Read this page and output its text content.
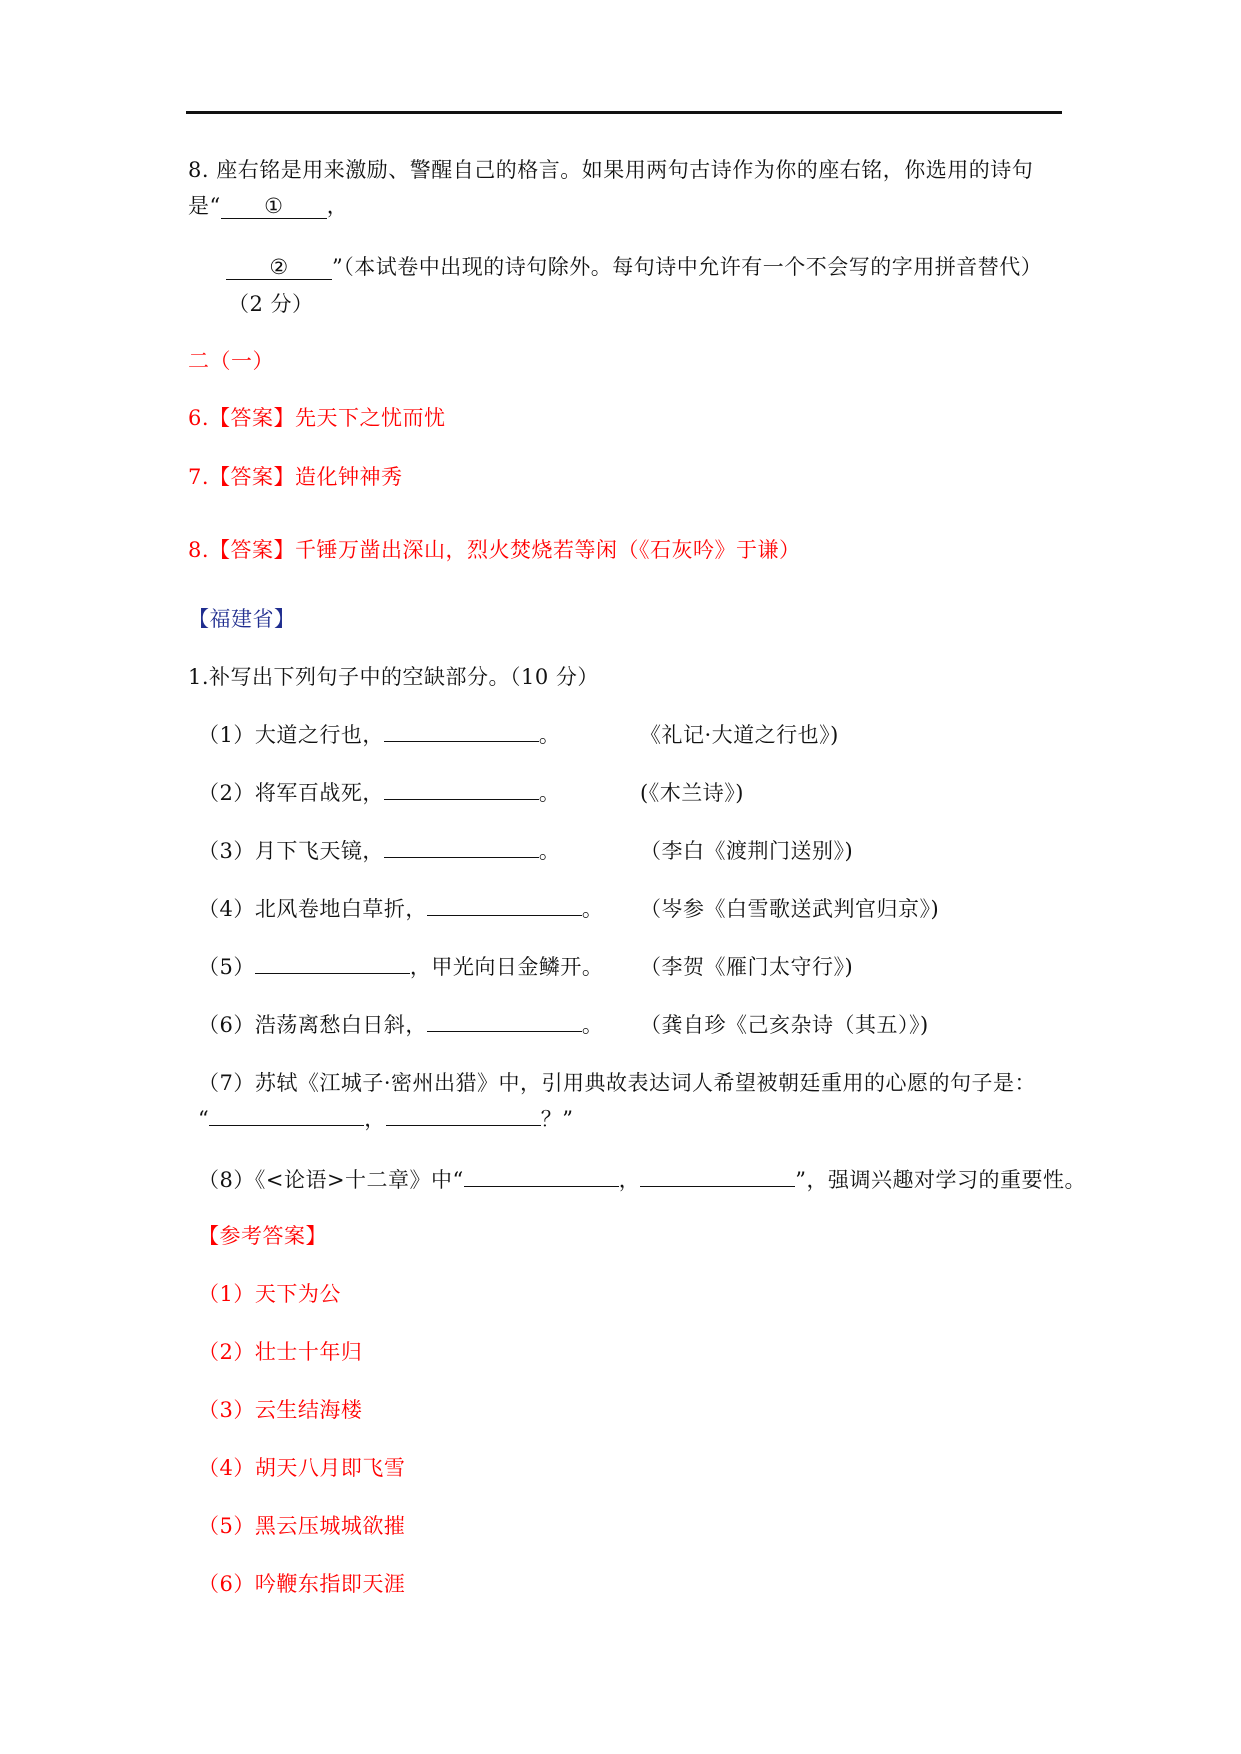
8. 座右铭是用来激励、警醒自己的格言。如果用两句古诗作为你的座右铭，你选用的诗句
是“ ① ，
② ”（本试卷中出现的诗句除外。每句诗中允许有一个不会写的字用拼音替代）
（2 分）
二（一）
6.【答案】先天下之忧而忧
7.【答案】造化钟神秀
8.【答案】千锤万凿出深山，烈火焚烧若等闲（《石灰吟》于谦）
【福建省】
1.补写出下列句子中的空缺部分。（10 分）
（1）大道之行也，	。	《礼记·大道之行也》)
（2）将军百战死，	。	(《木兰诗》)
（3）月下飞天镜，	。	（李白《渡荆门送别》)
（4）北风卷地白草折，	。 （岑参《白雪歌送武判官归京》)
（5）	，甲光向日金鳞开。 （李贺《雁门太守行》)
（6）浩荡离愁白日斜，	。 （龚自珍《己亥杂诗（其五）》)
（7）苏轼《江城子·密州出猎》中，引用典故表达词人希望被朝廷重用的心愿的句子是：
“	，	？”
（8）《<论语>十二章》中“	，	”，强调兴趣对学习的重要性。
【参考答案】
（1）天下为公
（2）壮士十年归
（3）云生结海楼
（4）胡天八月即飞雪
（5）黑云压城城欲摧
（6）吟鞭东指即天涯
